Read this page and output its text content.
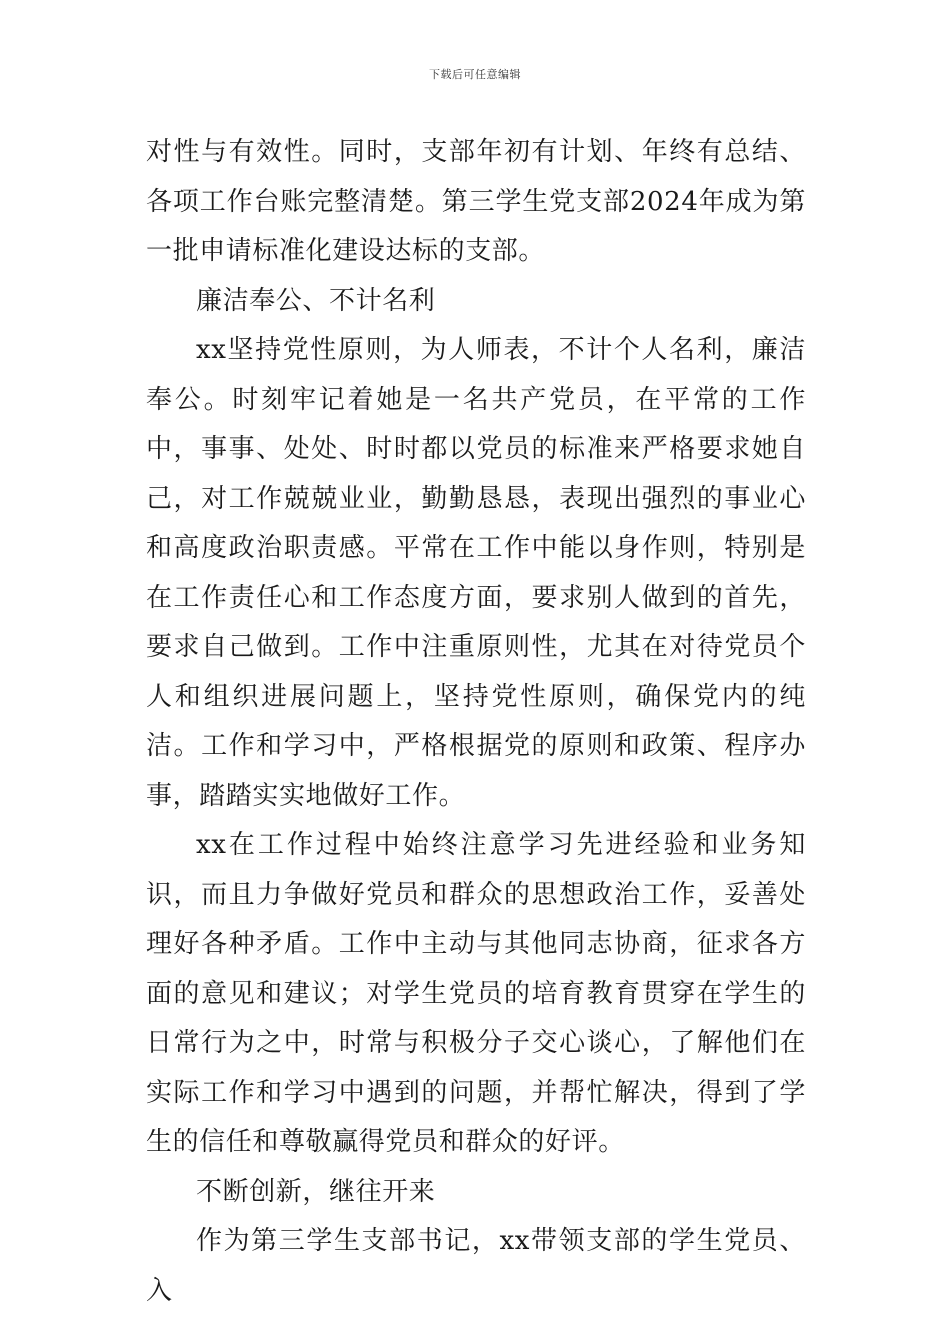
下载后可任意编辑

对性与有效性。同时，支部年初有计划、年终有总结、各项工作台账完整清楚。第三学生党支部2024年成为第一批申请标准化建设达标的支部。

廉洁奉公、不计名利

xx坚持党性原则，为人师表，不计个人名利，廉洁奉公。时刻牢记着她是一名共产党员，在平常的工作中，事事、处处、时时都以党员的标准来严格要求她自己，对工作兢兢业业，勤勤恳恳，表现出强烈的事业心和高度政治职责感。平常在工作中能以身作则，特别是在工作责任心和工作态度方面，要求别人做到的首先，要求自己做到。工作中注重原则性，尤其在对待党员个人和组织进展问题上，坚持党性原则，确保党内的纯洁。工作和学习中，严格根据党的原则和政策、程序办事，踏踏实实地做好工作。

xx在工作过程中始终注意学习先进经验和业务知识，而且力争做好党员和群众的思想政治工作，妥善处理好各种矛盾。工作中主动与其他同志协商，征求各方面的意见和建议；对学生党员的培育教育贯穿在学生的日常行为之中，时常与积极分子交心谈心，了解他们在实际工作和学习中遇到的问题，并帮忙解决，得到了学生的信任和尊敬赢得党员和群众的好评。

不断创新，继往开来

作为第三学生支部书记，xx带领支部的学生党员、入
